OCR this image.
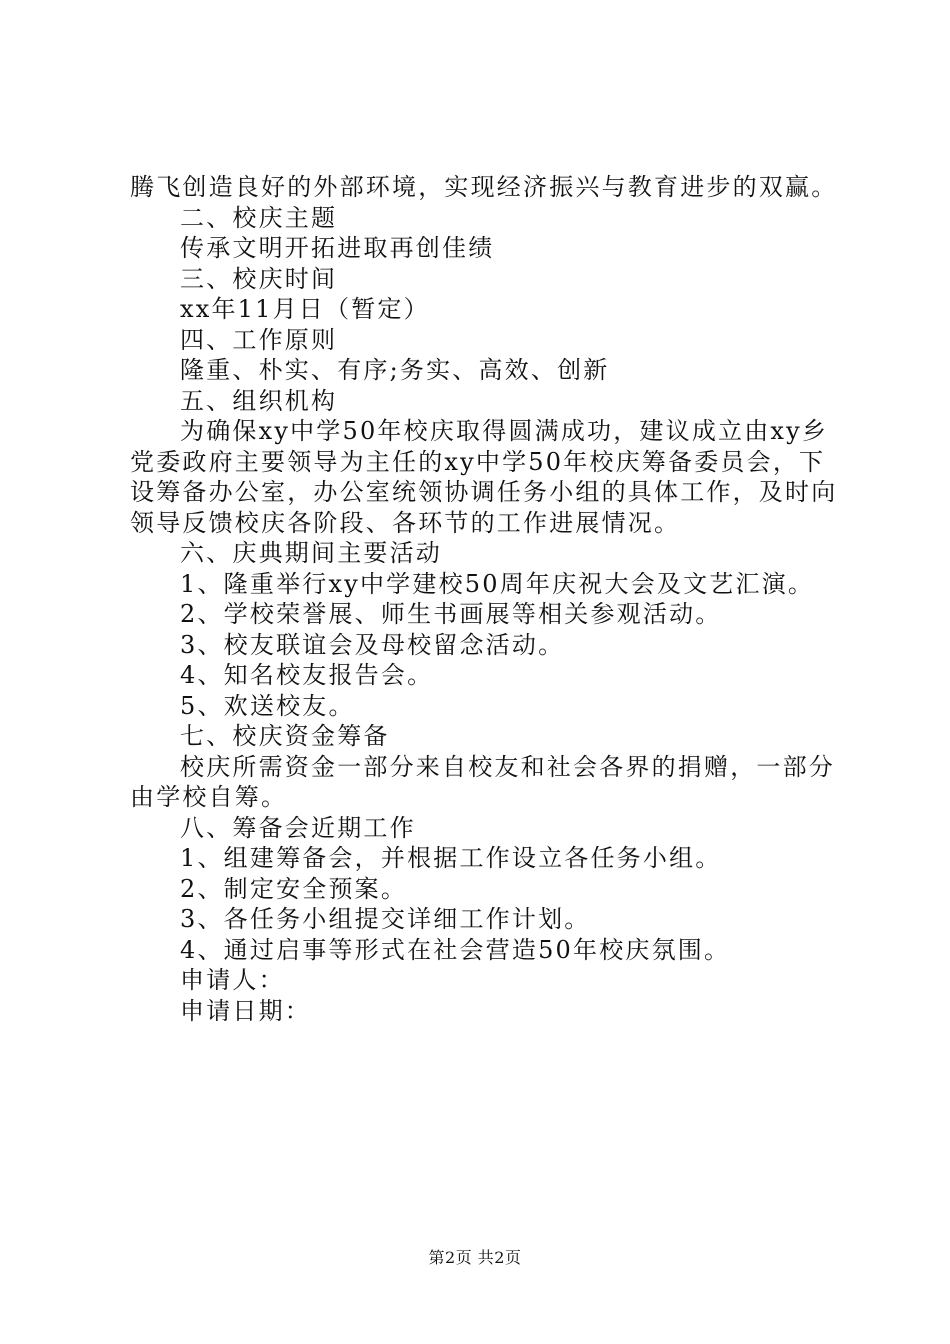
腾飞创造良好的外部环境，实现经济振兴与教育进步的双赢。
二、校庆主题
传承文明开拓进取再创佳绩
三、校庆时间
xx年11月日（暂定）
四、工作原则
隆重、朴实、有序;务实、高效、创新
五、组织机构
为确保xy中学50年校庆取得圆满成功，建议成立由xy乡
党委政府主要领导为主任的xy中学50年校庆筹备委员会，下
设筹备办公室，办公室统领协调任务小组的具体工作，及时向
领导反馈校庆各阶段、各环节的工作进展情况。
六、庆典期间主要活动
1、隆重举行xy中学建校50周年庆祝大会及文艺汇演。
2、学校荣誉展、师生书画展等相关参观活动。
3、校友联谊会及母校留念活动。
4、知名校友报告会。
5、欢送校友。
七、校庆资金筹备
校庆所需资金一部分来自校友和社会各界的捐赠，一部分
由学校自筹。
八、筹备会近期工作
1、组建筹备会，并根据工作设立各任务小组。
2、制定安全预案。
3、各任务小组提交详细工作计划。
4、通过启事等形式在社会营造50年校庆氛围。
申请人：
申请日期：
第2页 共2页
